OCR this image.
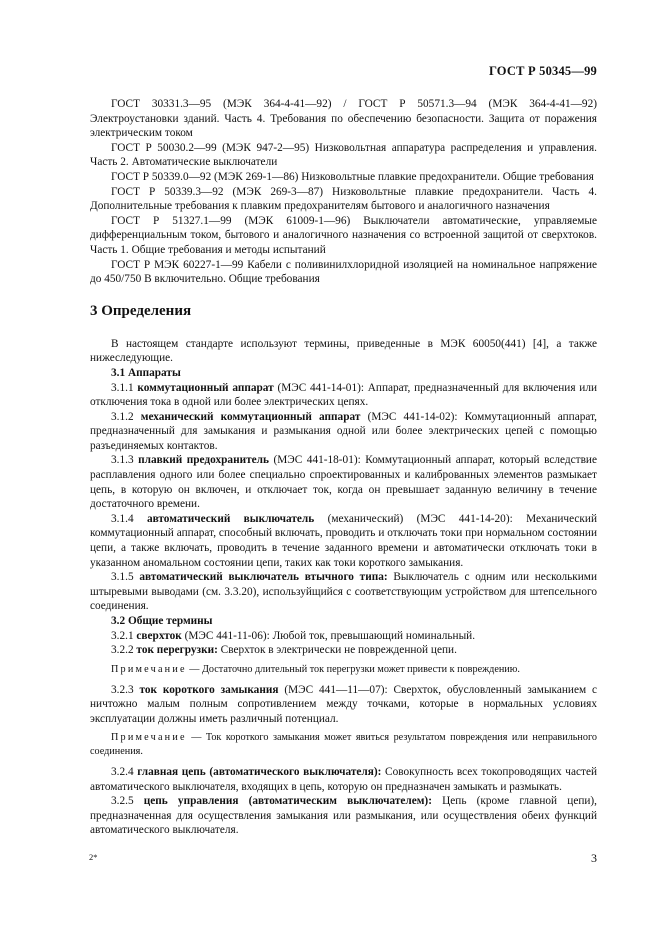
ГОСТ Р 50345—99

ГОСТ 30331.3—95 (МЭК 364-4-41—92) / ГОСТ Р 50571.3—94 (МЭК 364-4-41—92) Электроустановки зданий. Часть 4. Требования по обеспечению безопасности. Защита от поражения электрическим током

ГОСТ Р 50030.2—99 (МЭК 947-2—95) Низковольтная аппаратура распределения и управления. Часть 2. Автоматические выключатели

ГОСТ Р 50339.0—92 (МЭК 269-1—86) Низковольтные плавкие предохранители. Общие требования

ГОСТ Р 50339.3—92 (МЭК 269-3—87) Низковольтные плавкие предохранители. Часть 4. Дополнительные требования к плавким предохранителям бытового и аналогичного назначения

ГОСТ Р 51327.1—99 (МЭК 61009-1—96) Выключатели автоматические, управляемые дифференциальным током, бытового и аналогичного назначения со встроенной защитой от сверхтоков. Часть 1. Общие требования и методы испытаний

ГОСТ Р МЭК 60227-1—99 Кабели с поливинилхлоридной изоляцией на номинальное напряжение до 450/750 В включительно. Общие требования

3 Определения

В настоящем стандарте используют термины, приведенные в МЭК 60050(441) [4], а также нижеследующие.

3.1 Аппараты

3.1.1 коммутационный аппарат (МЭС 441-14-01): Аппарат, предназначенный для включения или отключения тока в одной или более электрических цепях.

3.1.2 механический коммутационный аппарат (МЭС 441-14-02): Коммутационный аппарат, предназначенный для замыкания и размыкания одной или более электрических цепей с помощью разъединяемых контактов.

3.1.3 плавкий предохранитель (МЭС 441-18-01): Коммутационный аппарат, который вследствие расплавления одного или более специально спроектированных и калиброванных элементов размыкает цепь, в которую он включен, и отключает ток, когда он превышает заданную величину в течение достаточного времени.

3.1.4 автоматический выключатель (механический) (МЭС 441-14-20): Механический коммутационный аппарат, способный включать, проводить и отключать токи при нормальном состоянии цепи, а также включать, проводить в течение заданного времени и автоматически отключать токи в указанном аномальном состоянии цепи, таких как токи короткого замыкания.

3.1.5 автоматический выключатель втычного типа: Выключатель с одним или несколькими штыревыми выводами (см. 3.3.20), используйщийся с соответствующим устройством для штепсельного соединения.

3.2 Общие термины

3.2.1 сверхток (МЭС 441-11-06): Любой ток, превышающий номинальный.

3.2.2 ток перегрузки: Сверхток в электрически не поврежденной цепи.

Примечание — Достаточно длительный ток перегрузки может привести к повреждению.

3.2.3 ток короткого замыкания (МЭС 441—11—07): Сверхток, обусловленный замыканием с ничтожно малым полным сопротивлением между точками, которые в нормальных условиях эксплуатации должны иметь различный потенциал.

Примечание — Ток короткого замыкания может явиться результатом повреждения или неправильного соединения.

3.2.4 главная цепь (автоматического выключателя): Совокупность всех токопроводящих частей автоматического выключателя, входящих в цепь, которую он предназначен замыкать и размыкать.

3.2.5 цепь управления (автоматическим выключателем): Цепь (кроме главной цепи), предназначенная для осуществления замыкания или размыкания, или осуществления обеих функций автоматического выключателя.

2*	3
